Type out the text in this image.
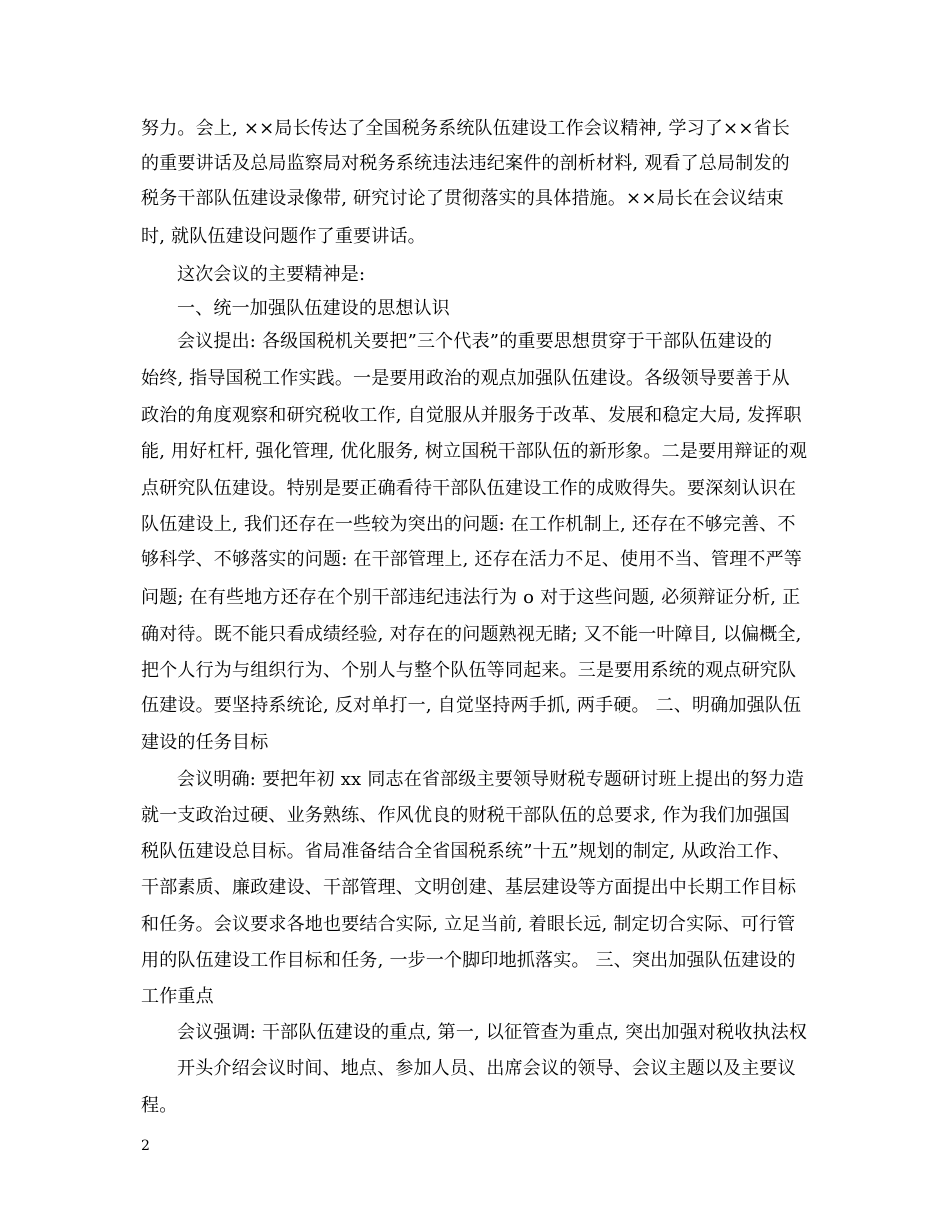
努力。会上, ××局长传达了全国税务系统队伍建设工作会议精神, 学习了××省长
的重要讲话及总局监察局对税务系统违法违纪案件的剖析材料, 观看了总局制发的
税务干部队伍建设录像带, 研究讨论了贯彻落实的具体措施。××局长在会议结束
时, 就队伍建设问题作了重要讲话。
这次会议的主要精神是:
一、统一加强队伍建设的思想认识
会议提出: 各级国税机关要把”三个代表”的重要思想贯穿于干部队伍建设的
始终, 指导国税工作实践。一是要用政治的观点加强队伍建设。各级领导要善于从
政治的角度观察和研究税收工作, 自觉服从并服务于改革、发展和稳定大局, 发挥职
能, 用好杠杆, 强化管理, 优化服务, 树立国税干部队伍的新形象。二是要用辩证的观
点研究队伍建设。特别是要正确看待干部队伍建设工作的成败得失。要深刻认识在
队伍建设上, 我们还存在一些较为突出的问题: 在工作机制上, 还存在不够完善、不
够科学、不够落实的问题: 在干部管理上, 还存在活力不足、使用不当、管理不严等
问题; 在有些地方还存在个别干部违纪违法行为 o 对于这些问题, 必须辩证分析, 正
确对待。既不能只看成绩经验, 对存在的问题熟视无睹; 又不能一叶障目, 以偏概全,
把个人行为与组织行为、个别人与整个队伍等同起来。三是要用系统的观点研究队
伍建设。要坚持系统论, 反对单打一, 自觉坚持两手抓, 两手硬。 二、明确加强队伍
建设的任务目标
会议明确: 要把年初 xx 同志在省部级主要领导财税专题研讨班上提出的努力造
就一支政治过硬、业务熟练、作风优良的财税干部队伍的总要求, 作为我们加强国
税队伍建设总目标。省局准备结合全省国税系统”十五”规划的制定, 从政治工作、
干部素质、廉政建设、干部管理、文明创建、基层建设等方面提出中长期工作目标
和任务。会议要求各地也要结合实际, 立足当前, 着眼长远, 制定切合实际、可行管
用的队伍建设工作目标和任务, 一步一个脚印地抓落实。 三、突出加强队伍建设的
工作重点
会议强调: 干部队伍建设的重点, 第一, 以征管查为重点, 突出加强对税收执法权
开头介绍会议时间、地点、参加人员、出席会议的领导、会议主题以及主要议
程。
2
